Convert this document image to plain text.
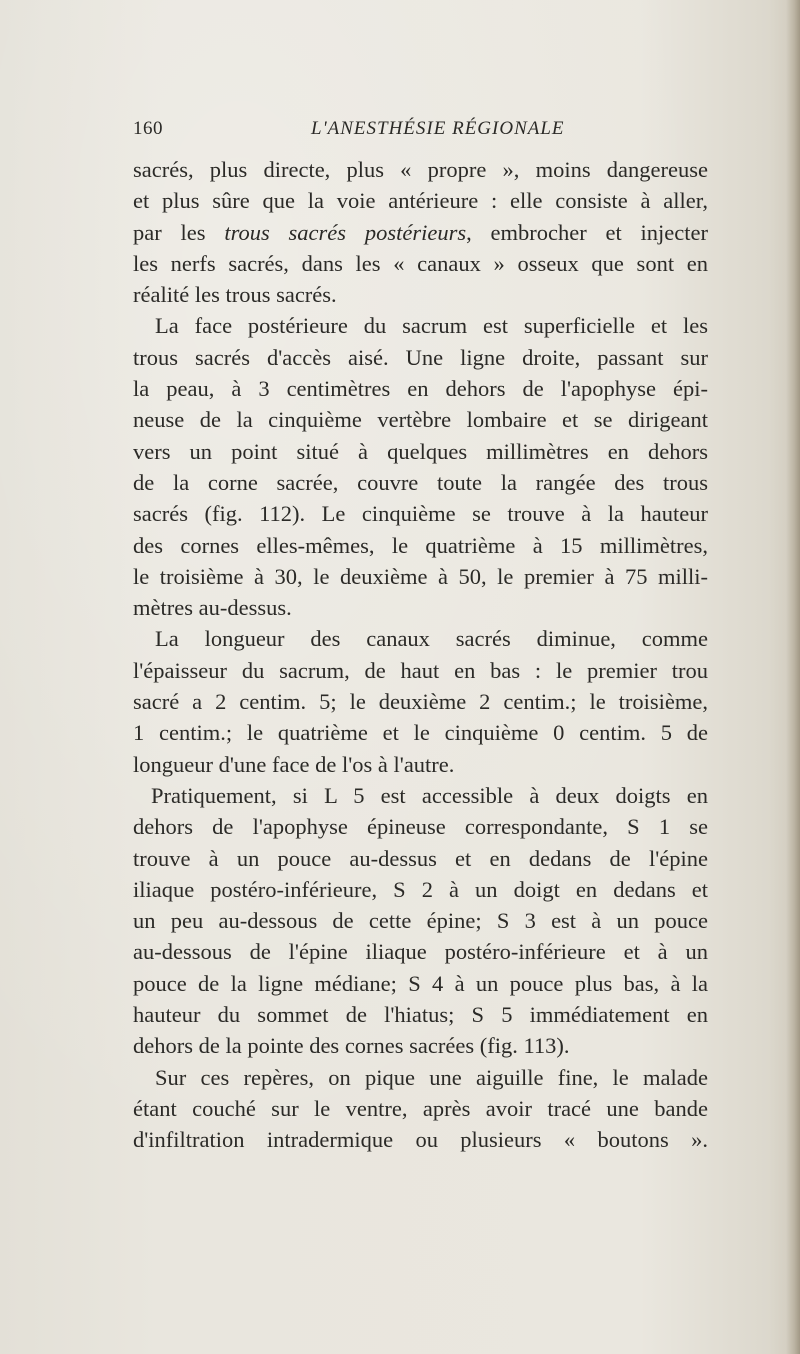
160	L'ANESTHÉSIE RÉGIONALE
sacrés, plus directe, plus « propre », moins dangereuse
et plus sûre que la voie antérieure : elle consiste à aller,
par les trous sacrés postérieurs, embrocher et injecter
les nerfs sacrés, dans les « canaux » osseux que sont en
réalité les trous sacrés.
La face postérieure du sacrum est superficielle et les
trous sacrés d'accès aisé. Une ligne droite, passant sur
la peau, à 3 centimètres en dehors de l'apophyse épi-
neuse de la cinquième vertèbre lombaire et se dirigeant
vers un point situé à quelques millimètres en dehors
de la corne sacrée, couvre toute la rangée des trous
sacrés (fig. 112). Le cinquième se trouve à la hauteur
des cornes elles-mêmes, le quatrième à 15 millimètres,
le troisième à 30, le deuxième à 50, le premier à 75 milli-
mètres au-dessus.
La longueur des canaux sacrés diminue, comme
l'épaisseur du sacrum, de haut en bas : le premier trou
sacré a 2 centim. 5; le deuxième 2 centim.; le troisième,
1 centim.; le quatrième et le cinquième 0 centim. 5 de
longueur d'une face de l'os à l'autre.
Pratiquement, si L 5 est accessible à deux doigts en
dehors de l'apophyse épineuse correspondante, S 1 se
trouve à un pouce au-dessus et en dedans de l'épine
iliaque postéro-inférieure, S 2 à un doigt en dedans et
un peu au-dessous de cette épine; S 3 est à un pouce
au-dessous de l'épine iliaque postéro-inférieure et à un
pouce de la ligne médiane; S 4 à un pouce plus bas, à la
hauteur du sommet de l'hiatus; S 5 immédiatement en
dehors de la pointe des cornes sacrées (fig. 113).
Sur ces repères, on pique une aiguille fine, le malade
étant couché sur le ventre, après avoir tracé une bande
d'infiltration intradermique ou plusieurs « boutons ».
